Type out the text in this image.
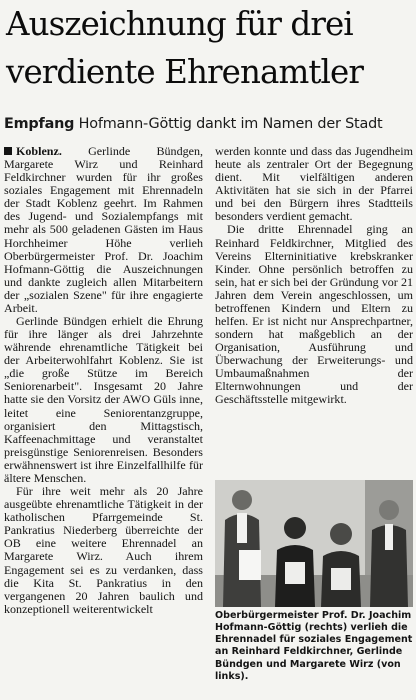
Auszeichnung für drei
verdiente Ehrenamtler
Empfang Hofmann-Göttig dankt im Namen der Stadt

Koblenz. Gerlinde Bündgen, Margarete Wirz und Reinhard Feldkirchner wurden für ihr großes soziales Engagement mit Ehrennadeln der Stadt Koblenz geehrt. Im Rahmen des Jugend- und Sozialempfangs mit mehr als 500 geladenen Gästen im Haus Horchheimer Höhe verlieh Oberbürgermeister Prof. Dr. Joachim Hofmann-Göttig die Auszeichnungen und dankte zugleich allen Mitarbeitern der „sozialen Szene" für ihre engagierte Arbeit.

Gerlinde Bündgen erhielt die Ehrung für ihre länger als drei Jahrzehnte währende ehrenamtliche Tätigkeit bei der Arbeiterwohlfahrt Koblenz. Sie ist „die große Stütze im Bereich Seniorenarbeit". Insgesamt 20 Jahre hatte sie den Vorsitz der AWO Güls inne, leitet eine Seniorentanzgruppe, organisiert den Mittagstisch, Kaffeenachmittage und veranstaltet preisgünstige Seniorenreisen. Besonders erwähnenswert ist ihre Einzelfallhilfe für ältere Menschen.

Für ihre weit mehr als 20 Jahre ausgeübte ehrenamtliche Tätigkeit in der katholischen Pfarrgemeinde St. Pankratius Niederberg überreichte der OB eine weitere Ehrennadel an Margarete Wirz. Auch ihrem Engagement sei es zu verdanken, dass die Kita St. Pankratius in den vergangenen 20 Jahren baulich und konzeptionell weiterentwickelt

werden konnte und dass das Jugendheim heute als zentraler Ort der Begegnung dient. Mit vielfältigen anderen Aktivitäten hat sie sich in der Pfarrei und bei den Bürgern ihres Stadtteils besonders verdient gemacht.

Die dritte Ehrennadel ging an Reinhard Feldkirchner, Mitglied des Vereins Elterninitiative krebskranker Kinder. Ohne persönlich betroffen zu sein, hat er sich bei der Gründung vor 21 Jahren dem Verein angeschlossen, um betroffenen Kindern und Eltern zu helfen. Er ist nicht nur Ansprechpartner, sondern hat maßgeblich an der Organisation, Ausführung und Überwachung der Erweiterungs- und Umbaumaßnahmen der Elternwohnungen und der Geschäftsstelle mitgewirkt.

Oberbürgermeister Prof. Dr. Joachim Hofmann-Göttig (rechts) verlieh die Ehrennadel für soziales Engagement an Reinhard Feldkirchner, Gerlinde Bündgen und Margarete Wirz (von links).
